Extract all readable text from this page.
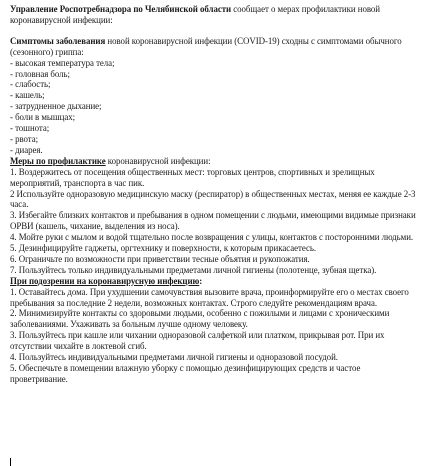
Управление Роспотребнадзора по Челябинской области сообщает о мерах профилактики новой коронавирусной инфекции:

Симптомы заболевания новой коронавирусной инфекции (COVID-19) сходны с симптомами обычного (сезонного) гриппа:

- высокая температура тела;

- головная боль;

- слабость;

- кашель;

- затрудненное дыхание;

- боли в мышцах;

- тошнота;

- рвота;

- диарея.

Меры по профилактике коронавирусной инфекции:

1. Воздержитесь от посещения общественных мест: торговых центров, спортивных и зрелищных мероприятий, транспорта в час пик.

2 Используйте одноразовую медицинскую маску (респиратор) в общественных местах, меняя ее каждые 2-3 часа.

3. Избегайте близких контактов и пребывания в одном помещении с людьми, имеющими видимые признаки ОРВИ (кашель, чихание, выделения из носа).

4. Мойте руки с мылом и водой тщательно после возвращения с улицы, контактов с посторонними людьми.

5. Дезинфицируйте гаджеты, оргтехнику и поверхности, к которым прикасаетесь.

6. Ограничьте по возможности при приветствии тесные объятия и рукопожатия.

7. Пользуйтесь только индивидуальными предметами личной гигиены (полотенце, зубная щетка).

При подозрении на коронавирусную инфекцию:

1. Оставайтесь дома. При ухудшении самочувствия вызовите врача, проинформируйте его о местах своего пребывания за последние 2 недели, возможных контактах. Строго следуйте рекомендациям врача.

2. Минимизируйте контакты со здоровыми людьми, особенно с пожилыми и лицами с хроническими заболеваниями. Ухаживать за больным лучше одному человеку.

3. Пользуйтесь при кашле или чихании одноразовой салфеткой или платком, прикрывая рот. При их отсутствии чихайте в локтевой сгиб.

4. Пользуйтесь индивидуальными предметами личной гигиены и одноразовой посудой.

5. Обеспечьте в помещении влажную уборку с помощью дезинфицирующих средств и частое проветривание.
